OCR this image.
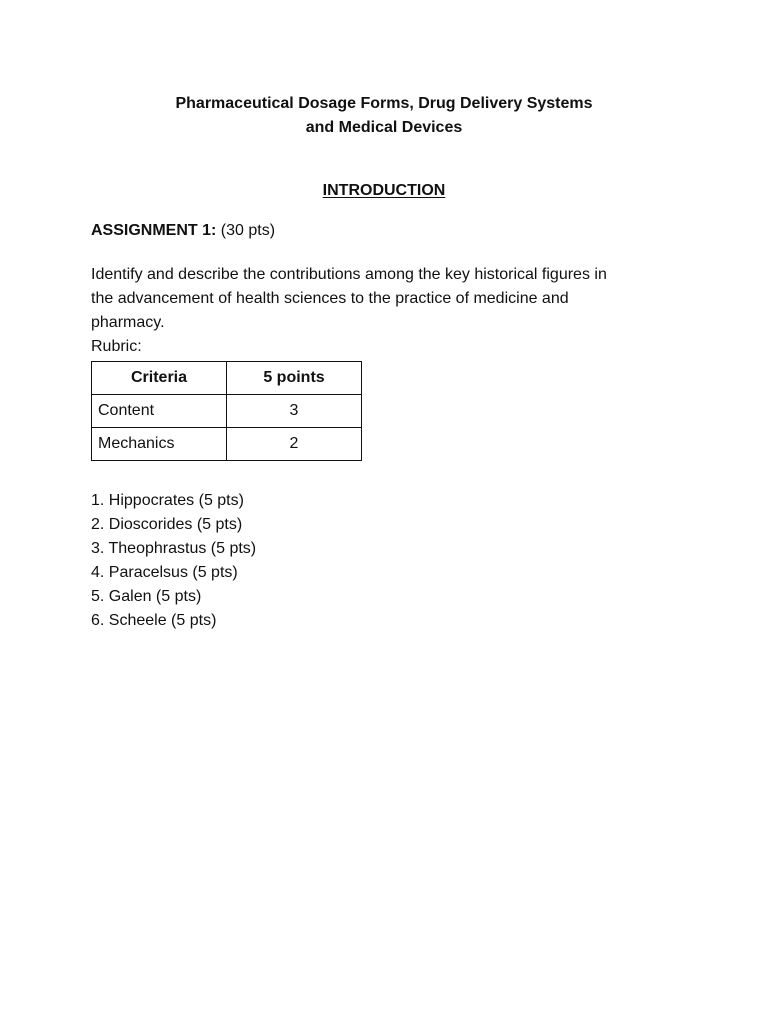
Pharmaceutical Dosage Forms, Drug Delivery Systems
and Medical Devices
INTRODUCTION
ASSIGNMENT 1: (30 pts)
Identify and describe the contributions among the key historical figures in
the advancement of health sciences to the practice of medicine and
pharmacy.
Rubric:
Criteria	5 points
Content	3
Mechanics	2
1. Hippocrates (5 pts)
2. Dioscorides (5 pts)
3. Theophrastus (5 pts)
4. Paracelsus (5 pts)
5. Galen (5 pts)
6. Scheele (5 pts)
